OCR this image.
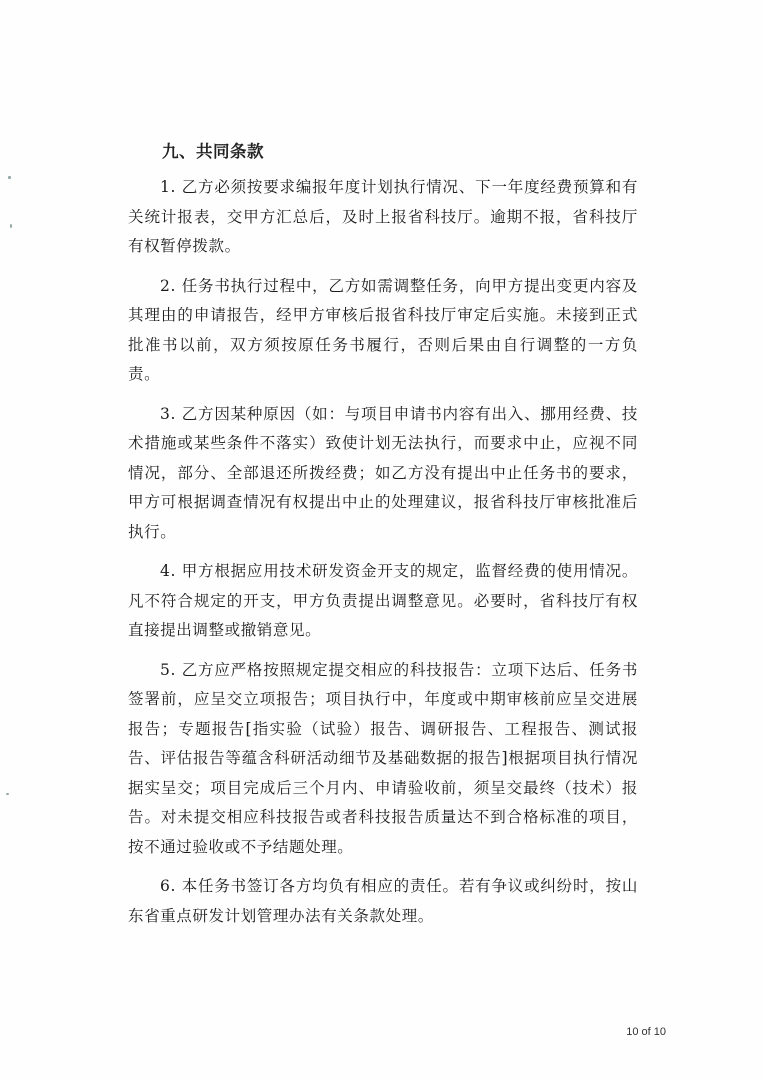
九、共同条款

1. 乙方必须按要求编报年度计划执行情况、下一年度经费预算和有关统计报表，交甲方汇总后，及时上报省科技厅。逾期不报，省科技厅有权暂停拨款。

2. 任务书执行过程中，乙方如需调整任务，向甲方提出变更内容及其理由的申请报告，经甲方审核后报省科技厅审定后实施。未接到正式批准书以前，双方须按原任务书履行，否则后果由自行调整的一方负责。

3. 乙方因某种原因（如：与项目申请书内容有出入、挪用经费、技术措施或某些条件不落实）致使计划无法执行，而要求中止，应视不同情况，部分、全部退还所拨经费；如乙方没有提出中止任务书的要求，甲方可根据调查情况有权提出中止的处理建议，报省科技厅审核批准后执行。

4. 甲方根据应用技术研发资金开支的规定，监督经费的使用情况。凡不符合规定的开支，甲方负责提出调整意见。必要时，省科技厅有权直接提出调整或撤销意见。

5. 乙方应严格按照规定提交相应的科技报告：立项下达后、任务书签署前，应呈交立项报告；项目执行中，年度或中期审核前应呈交进展报告；专题报告[指实验（试验）报告、调研报告、工程报告、测试报告、评估报告等蕴含科研活动细节及基础数据的报告]根据项目执行情况据实呈交；项目完成后三个月内、申请验收前，须呈交最终（技术）报告。对未提交相应科技报告或者科技报告质量达不到合格标准的项目，按不通过验收或不予结题处理。

6. 本任务书签订各方均负有相应的责任。若有争议或纠纷时，按山东省重点研发计划管理办法有关条款处理。

10 of 10
